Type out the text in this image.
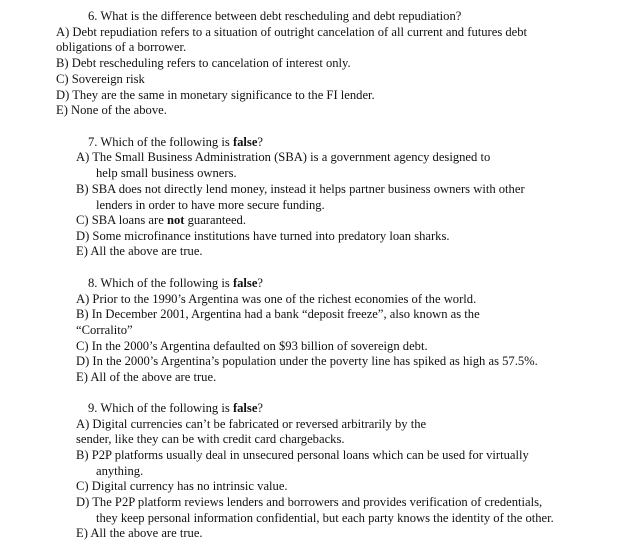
6. What is the difference between debt rescheduling and debt repudiation?
A) Debt repudiation refers to a situation of outright cancelation of all current and futures debt
obligations of a borrower.
B) Debt rescheduling refers to cancelation of interest only.
C) Sovereign risk
D) They are the same in monetary significance to the FI lender.
E) None of the above.
7. Which of the following is false?
A) The Small Business Administration (SBA) is a government agency designed to
help small business owners.
B) SBA does not directly lend money, instead it helps partner business owners with other
lenders in order to have more secure funding.
C) SBA loans are not guaranteed.
D) Some microfinance institutions have turned into predatory loan sharks.
E) All the above are true.
8. Which of the following is false?
A) Prior to the 1990’s Argentina was one of the richest economies of the world.
B) In December 2001, Argentina had a bank “deposit freeze”, also known as the
“Corralito”
C) In the 2000’s Argentina defaulted on $93 billion of sovereign debt.
D) In the 2000’s Argentina’s population under the poverty line has spiked as high as 57.5%.
E) All of the above are true.
9. Which of the following is false?
A) Digital currencies can’t be fabricated or reversed arbitrarily by the
sender, like they can be with credit card chargebacks.
B) P2P platforms usually deal in unsecured personal loans which can be used for virtually
anything.
C) Digital currency has no intrinsic value.
D) The P2P platform reviews lenders and borrowers and provides verification of credentials,
they keep personal information confidential, but each party knows the identity of the other.
E) All the above are true.
